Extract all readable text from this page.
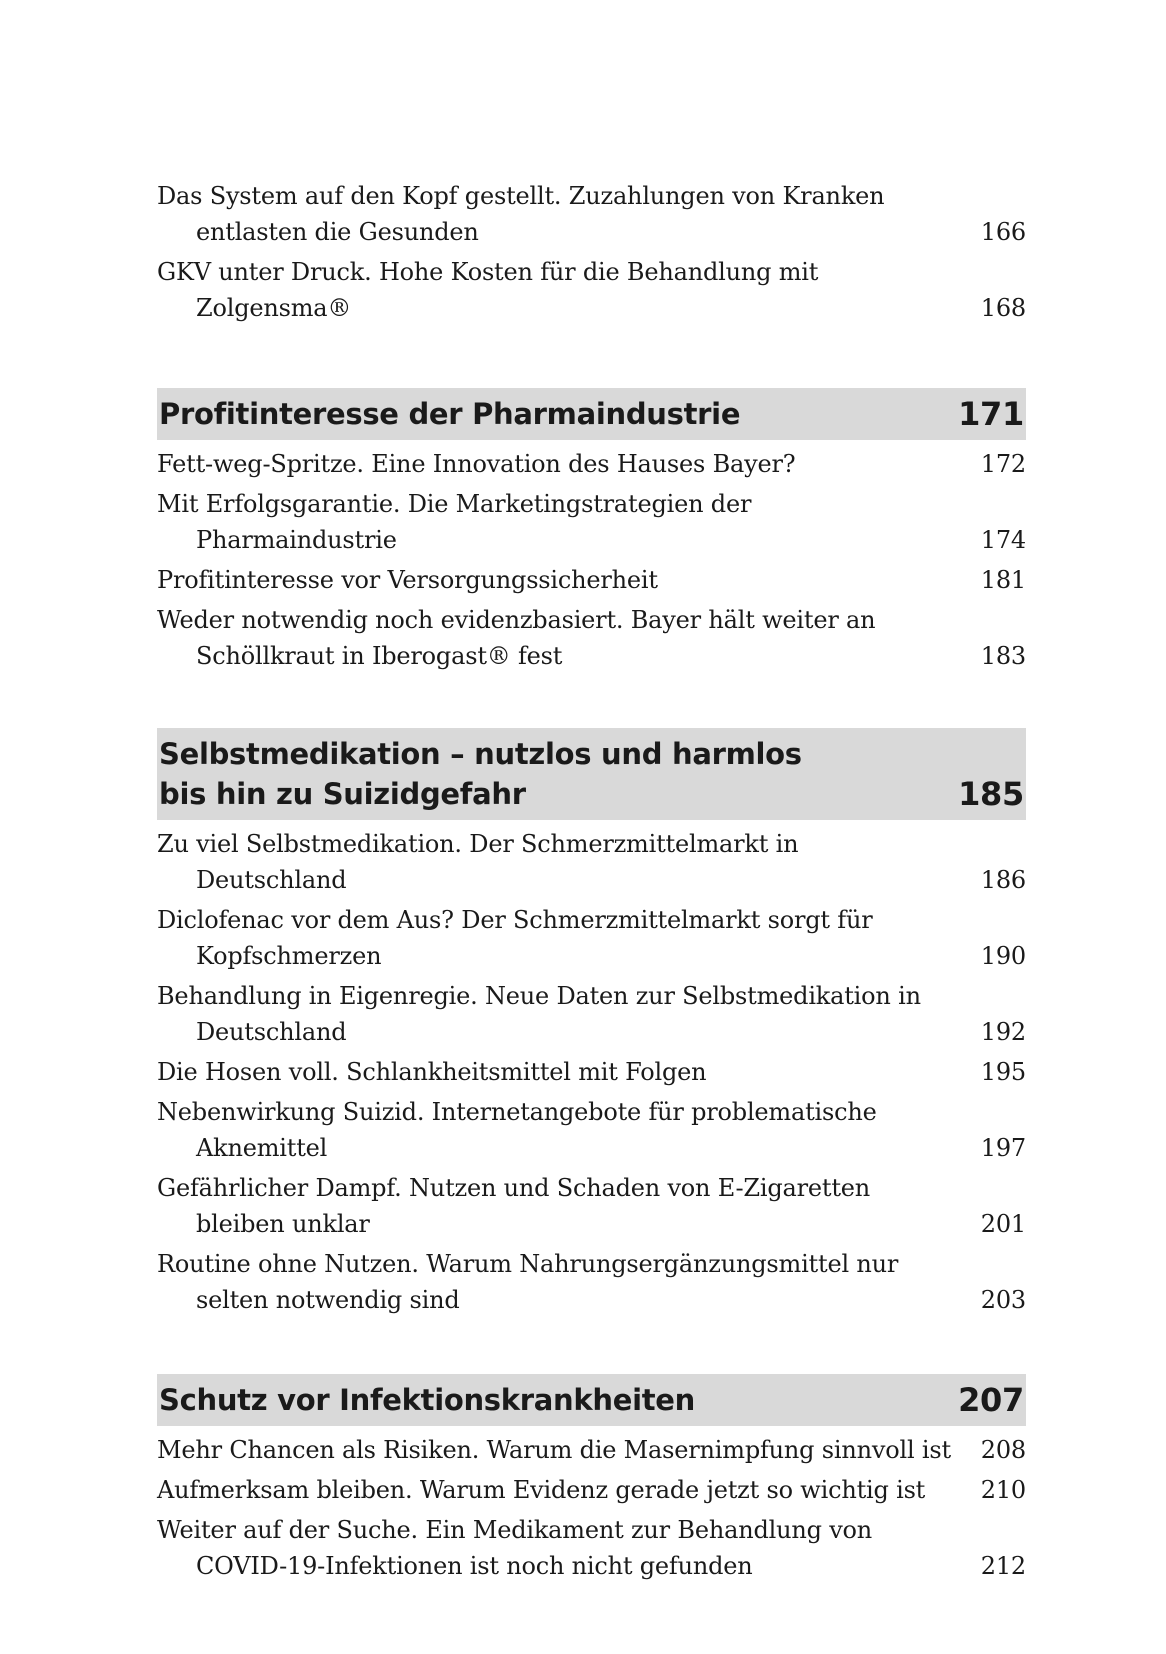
Das System auf den Kopf gestellt. Zuzahlungen von Kranken entlasten die Gesunden	166
GKV unter Druck. Hohe Kosten für die Behandlung mit Zolgensma®	168
Profitinteresse der Pharmaindustrie	171
Fett-weg-Spritze. Eine Innovation des Hauses Bayer?	172
Mit Erfolgsgarantie. Die Marketingstrategien der Pharmaindustrie	174
Profitinteresse vor Versorgungssicherheit	181
Weder notwendig noch evidenzbasiert. Bayer hält weiter an Schöllkraut in Iberogast® fest	183
Selbstmedikation – nutzlos und harmlos
bis hin zu Suizidgefahr	185
Zu viel Selbstmedikation. Der Schmerzmittelmarkt in Deutschland	186
Diclofenac vor dem Aus? Der Schmerzmittelmarkt sorgt für Kopfschmerzen	190
Behandlung in Eigenregie. Neue Daten zur Selbstmedikation in Deutschland	192
Die Hosen voll. Schlankheitsmittel mit Folgen	195
Nebenwirkung Suizid. Internetangebote für problematische Aknemittel	197
Gefährlicher Dampf. Nutzen und Schaden von E-Zigaretten bleiben unklar	201
Routine ohne Nutzen. Warum Nahrungsergänzungsmittel nur selten notwendig sind	203
Schutz vor Infektionskrankheiten	207
Mehr Chancen als Risiken. Warum die Masernimpfung sinnvoll ist	208
Aufmerksam bleiben. Warum Evidenz gerade jetzt so wichtig ist	210
Weiter auf der Suche. Ein Medikament zur Behandlung von COVID-19-Infektionen ist noch nicht gefunden	212
